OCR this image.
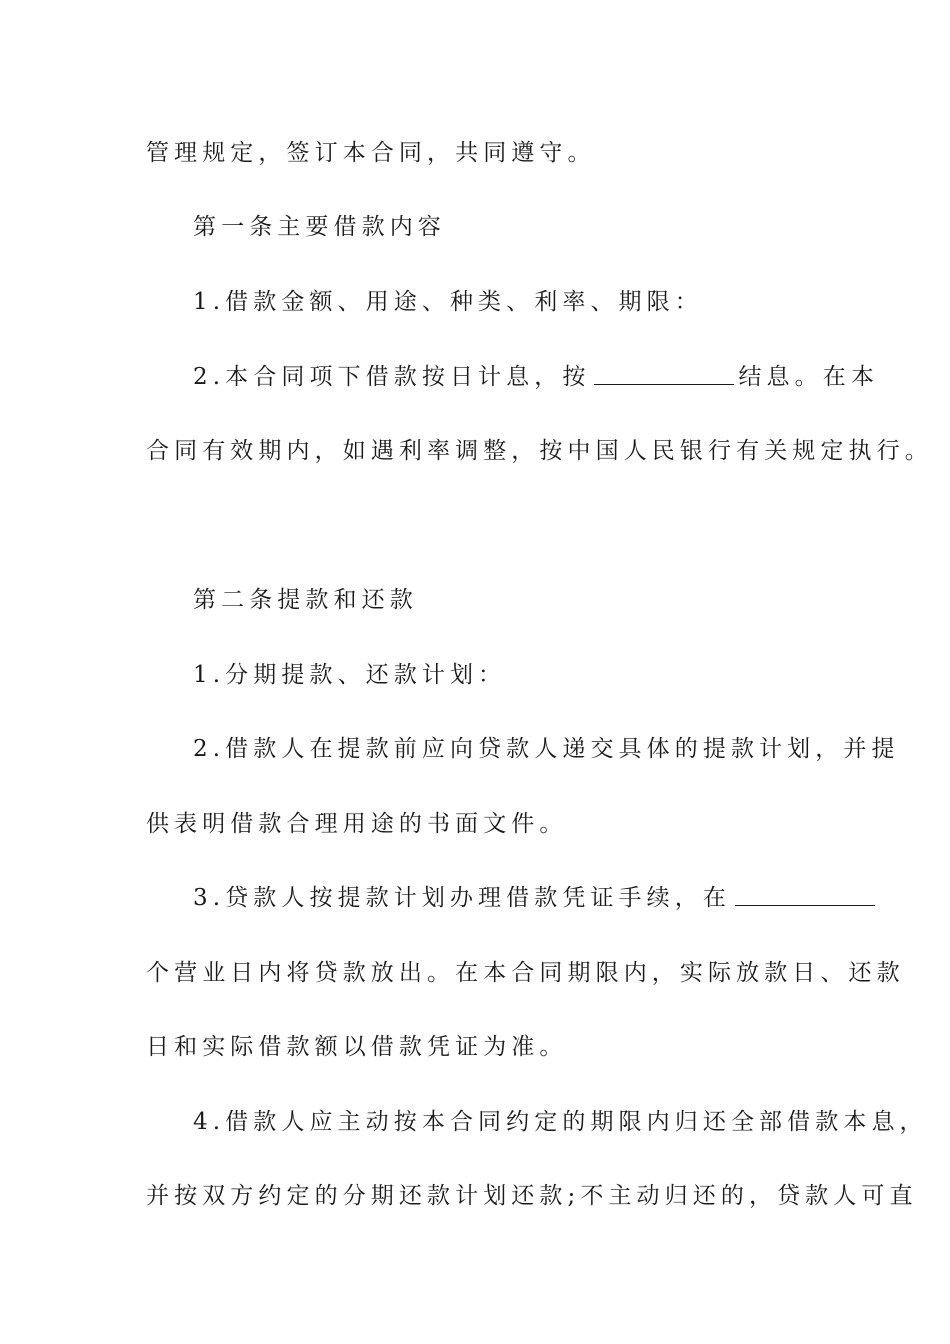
管理规定，签订本合同，共同遵守。
第一条主要借款内容
1.借款金额、用途、种类、利率、期限：
2.本合同项下借款按日计息，按	结息。在本
合同有效期内，如遇利率调整，按中国人民银行有关规定执行。
第二条提款和还款
1.分期提款、还款计划：
2.借款人在提款前应向贷款人递交具体的提款计划，并提
供表明借款合理用途的书面文件。
3.贷款人按提款计划办理借款凭证手续，在
个营业日内将贷款放出。在本合同期限内，实际放款日、还款
日和实际借款额以借款凭证为准。
4.借款人应主动按本合同约定的期限内归还全部借款本息，
并按双方约定的分期还款计划还款;不主动归还的，贷款人可直
